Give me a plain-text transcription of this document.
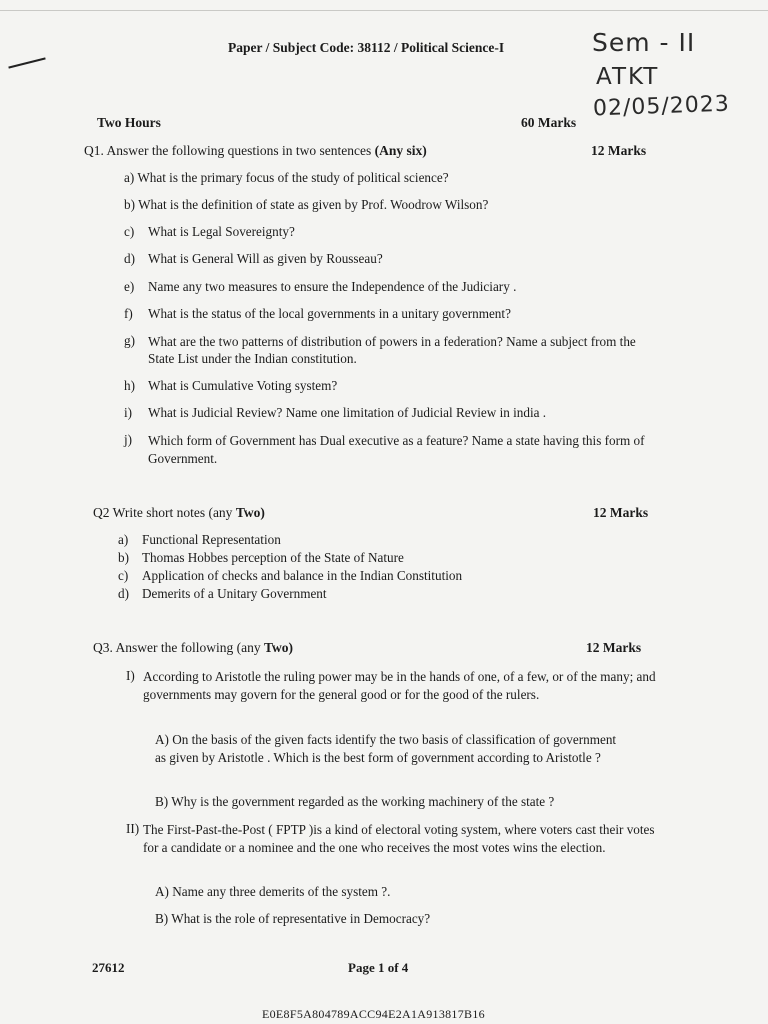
Paper / Subject Code: 38112 / Political Science-I	Sem - II
ATKT
02/05/2023
Two Hours	60 Marks
Q1. Answer the following questions in two sentences (Any six)	12 Marks
a) What is the primary focus of the study of political science?
b) What is the definition of state as given by Prof. Woodrow Wilson?
c) What is Legal Sovereignty?
d) What is General Will as given by Rousseau?
e) Name any two measures to ensure the Independence of the Judiciary .
f) What is the status of the local governments in a unitary government?
g) What are the two patterns of distribution of powers in a federation? Name a subject from the State List under the Indian constitution.
h) What is Cumulative Voting system?
i) What is Judicial Review? Name one limitation of Judicial Review in india .
j)	Which form of Government has Dual executive as a feature? Name a state having this form of Government.
Q2 Write short notes (any Two)	12 Marks
a) Functional Representation
b) Thomas Hobbes perception of the State of Nature
c) Application of checks and balance in the Indian Constitution
d) Demerits of a Unitary Government
Q3. Answer the following (any Two)	12 Marks
I) According to Aristotle the ruling power may be in the hands of one, of a few, or of the many; and governments may govern for the general good or for the good of the rulers.
A) On the basis of the given facts identify the two basis of classification of government as given by Aristotle . Which is the best form of government according to Aristotle ?
B) Why is the government regarded as the working machinery of the state ?
II) The First-Past-the-Post ( FPTP )is a kind of electoral voting system, where voters cast their votes for a candidate or a nominee and the one who receives the most votes wins the election.
A) Name any three demerits of the system ?.
B) What is the role of representative in Democracy?
27612	Page 1 of 4
E0E8F5A804789ACC94E2A1A913817B16
